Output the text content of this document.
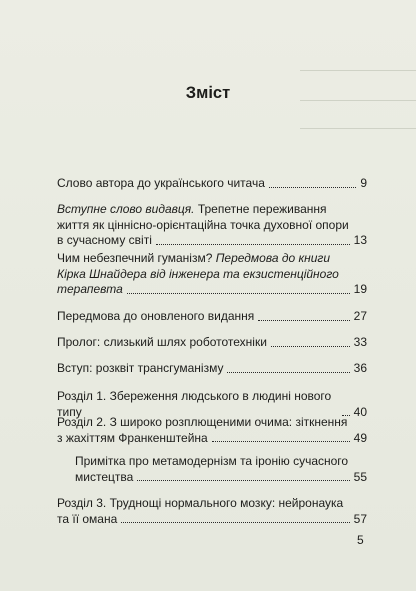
Зміст
Слово автора до українського читача	9
Вступне слово видавця. Трепетне переживання
життя як ціннісно-орієнтаційна точка духовної опори
в сучасному світі	13
Чим небезпечний гуманізм? Передмова до книги
Кірка Шнайдера від інженера та екзистенційного
терапевта	19
Передмова до оновленого видання	27
Пролог: слизький шлях робототехніки	33
Вступ: розквіт трансгуманізму	36
Розділ 1. Збереження людського в людині нового типу	40
Розділ 2. З широко розплющеними очима: зіткнення
з жахіттям Франкенштейна	49
Примітка про метамодернізм та іронію сучасного
мистецтва	55
Розділ 3. Труднощі нормального мозку: нейронаука
та її омана	57
5
